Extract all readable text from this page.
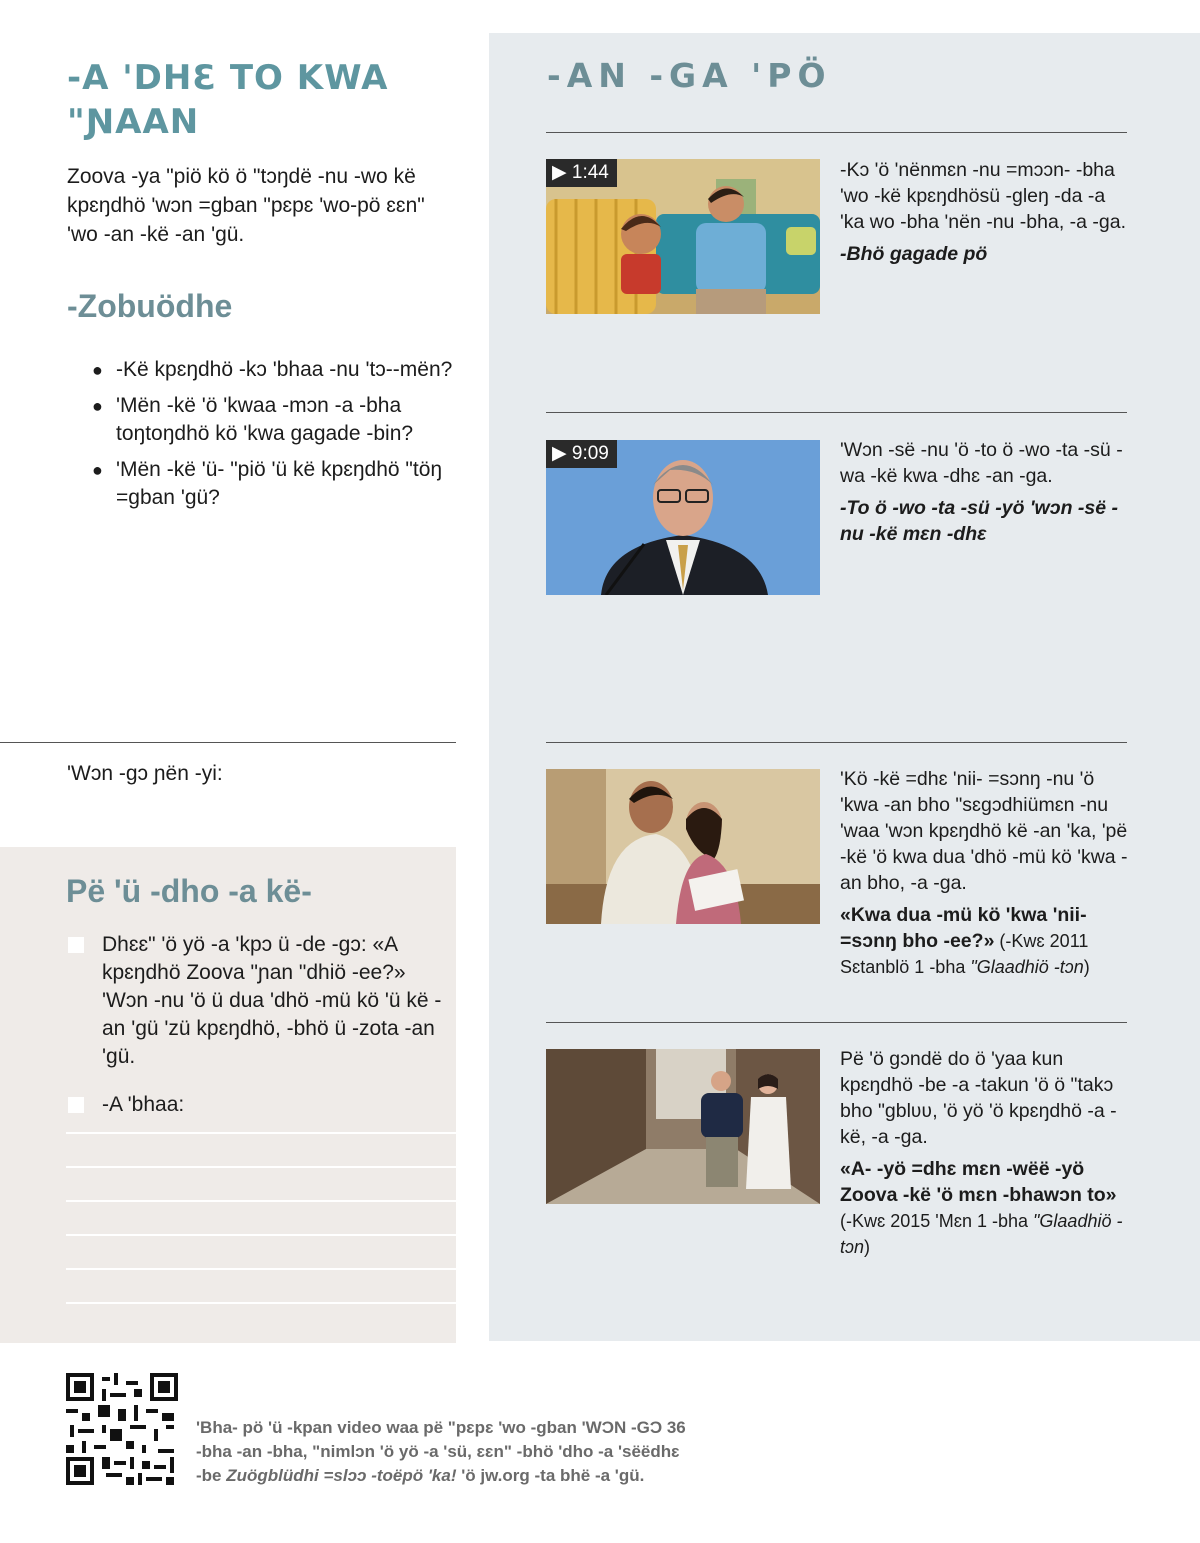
-A 'DHƐ TO KWA "ƝAAN

Zoova -ya "piö kö ö "tɔŋdë -nu -wo kë kpɛŋdhö 'wɔn =gban "pɛpɛ 'wo-pö ɛɛn" 'wo -an -kë -an 'gü.

-Zobuödhe
● -Kë kpɛŋdhö -kɔ 'bhaa -nu 'tɔ--mën?
● 'Mën -kë 'ö 'kwaa -mɔn -a -bha toŋtoŋdhö kö 'kwa gagade -bin?
● 'Mën -kë 'ü- "piö 'ü kë kpɛŋdhö "töŋ =gban 'gü?
'Wɔn -gɔ ɲën -yi:
Pë 'ü -dho -a kë-
Dhɛɛ" 'ö yö -a 'kpɔ ü -de -gɔ: «A kpɛŋdhö Zoova "ɲan "dhiö -ee?» 'Wɔn -nu 'ö ü dua 'dhö -mü kö 'ü kë -an 'gü 'zü kpɛŋdhö, -bhö ü -zota -an 'gü.
-A 'bhaa:
-AN -GA 'PÖ
▶ 1:44	-Kɔ 'ö 'nënmɛn -nu =mɔɔn- -bha 'wo -kë kpɛŋdhösü -gleŋ -da -a 'ka wo -bha 'nën -nu -bha, -a -ga.

-Bhö gagade pö

▶ 9:09	'Wɔn -së -nu 'ö -to ö -wo -ta -sü -wa -kë kwa -dhɛ -an -ga.

-To ö -wo -ta -sü -yö 'wɔn -së -nu -kë mɛn -dhɛ

'Kö -kë =dhɛ 'nii- =sɔnŋ -nu 'ö 'kwa -an bho "sɛgɔdhiümɛn -nu 'waa 'wɔn kpɛŋdhö kë -an 'ka, 'pë -kë 'ö kwa dua 'dhö -mü kö 'kwa -an bho, -a -ga.

«Kwa dua -mü kö 'kwa 'nii- =sɔnŋ bho -ee?» (-Kwɛ 2011 Sɛtanblö 1 -bha "Glaadhiö -tɔn)

Pë 'ö gɔndë do ö 'yaa kun kpɛŋdhö -be -a -takun 'ö ö "takɔ bho "gblʋʋ, 'ö yö 'ö kpɛŋdhö -a -kë, -a -ga.

«A- -yö =dhɛ mɛn -wëë -yö Zoova -kë 'ö mɛn -bhawɔn to» (-Kwɛ 2015 'Mɛn 1 -bha "Glaadhiö -tɔn)

'Bha- pö 'ü -kpan video waa pë "pɛpɛ 'wo -gban 'WƆN -GƆ 36
-bha -an -bha, "nimlɔn 'ö yö -a 'sü, ɛɛn" -bhö 'dho -a 'sëëdhɛ
-be Zuögblüdhi =slɔɔ -toëpö 'ka! 'ö jw.org -ta bhë -a 'gü.
